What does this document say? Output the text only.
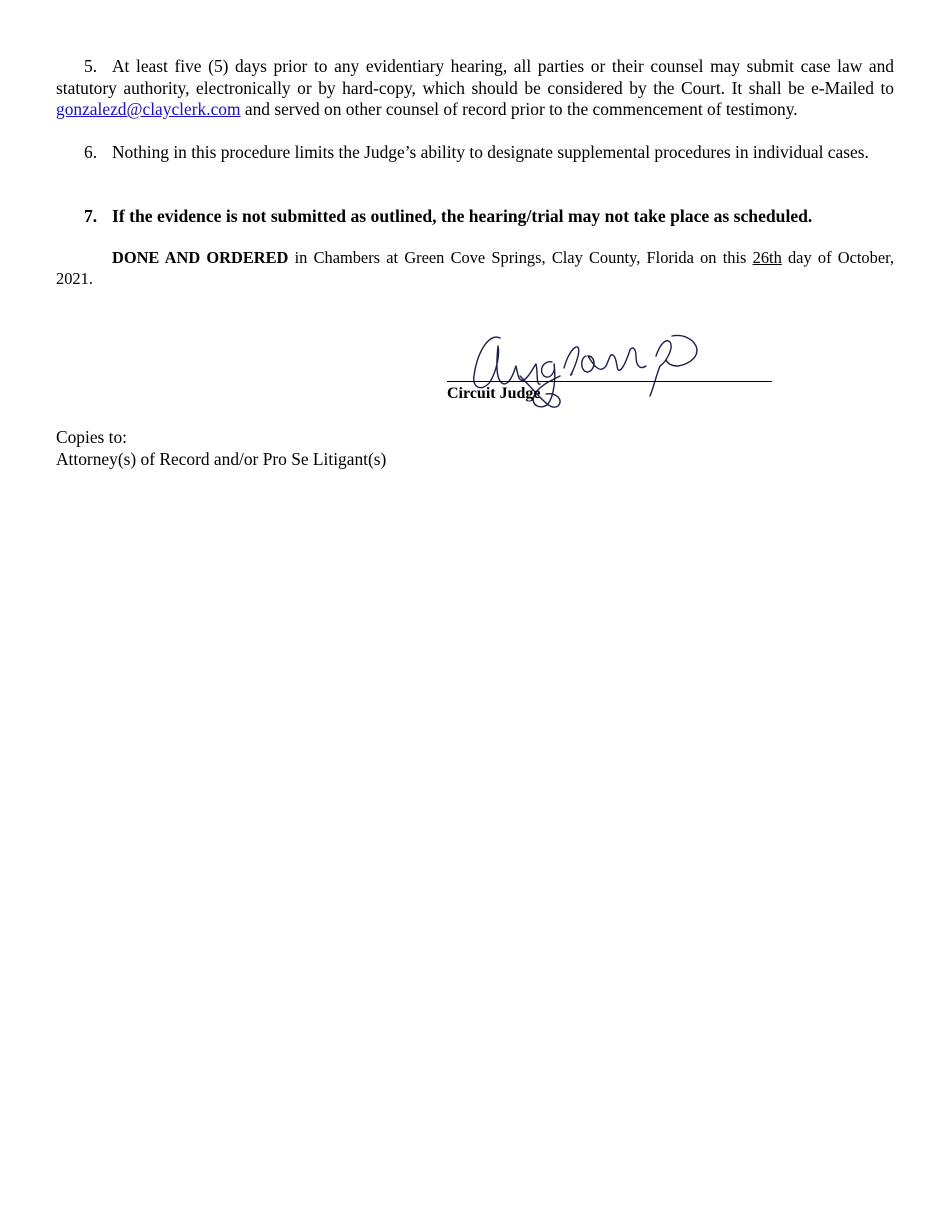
5. At least five (5) days prior to any evidentiary hearing, all parties or their counsel may submit case law and statutory authority, electronically or by hard-copy, which should be considered by the Court. It shall be e-Mailed to gonzalezd@clayclerk.com and served on other counsel of record prior to the commencement of testimony.

6. Nothing in this procedure limits the Judge’s ability to designate supplemental procedures in individual cases.

7. If the evidence is not submitted as outlined, the hearing/trial may not take place as scheduled.

DONE AND ORDERED in Chambers at Green Cove Springs, Clay County, Florida on this 26th day of October, 2021.

Circuit Judge
Copies to:
Attorney(s) of Record and/or Pro Se Litigant(s)
